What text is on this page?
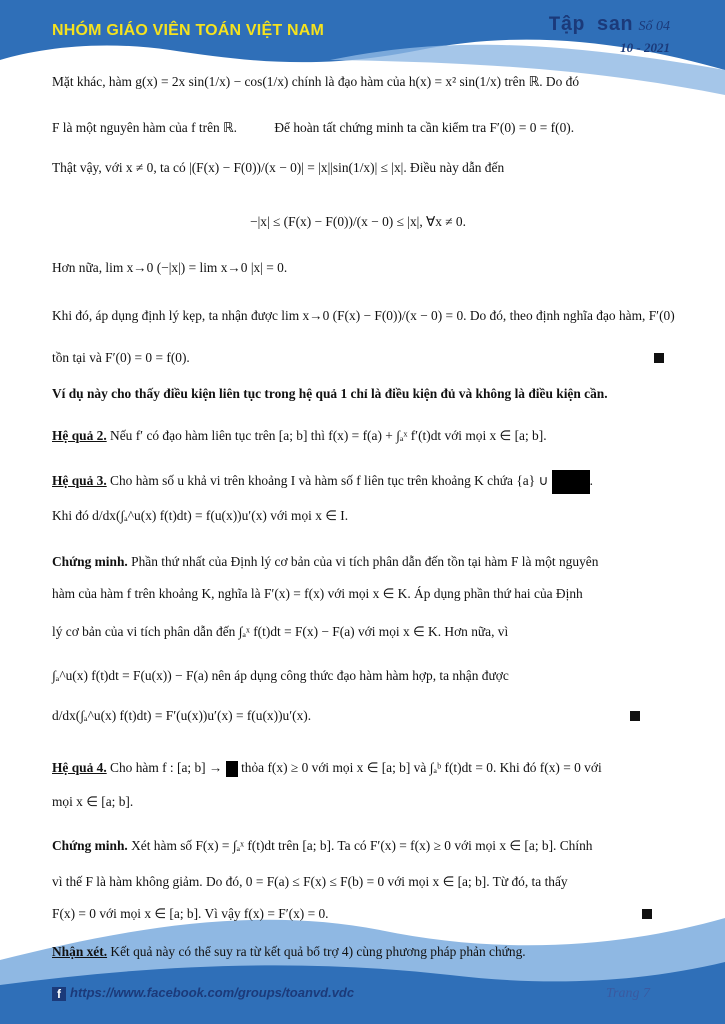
NHÓM GIÁO VIÊN TOÁN VIỆT NAM	Tập san Số 04
10 - 2021
Mặt khác, hàm g(x) = 2x sin(1/x) − cos(1/x) chính là đạo hàm của h(x) = x² sin(1/x) trên ℝ. Do đó
F là một nguyên hàm của f trên ℝ.	Để hoàn tất chứng minh ta cần kiểm tra F′(0) = 0 = f(0).
Thật vậy, với x ≠ 0, ta có |(F(x) − F(0))/(x − 0)| = |x||sin(1/x)| ≤ |x|. Điều này dẫn đến
−|x| ≤ (F(x) − F(0))/(x − 0) ≤ |x|, ∀x ≠ 0.
Hơn nữa, lim x→0 (−|x|) = lim x→0 |x| = 0.
Khi đó, áp dụng định lý kẹp, ta nhận được lim x→0 (F(x) − F(0))/(x − 0) = 0. Do đó, theo định nghĩa đạo hàm, F′(0)
tồn tại và F′(0) = 0 = f(0).
Ví dụ này cho thấy điều kiện liên tục trong hệ quả 1 chỉ là điều kiện đủ và không là điều kiện cần.
Hệ quả 2. Nếu f′ có đạo hàm liên tục trên [a; b] thì f(x) = f(a) + ∫ₐˣ f′(t)dt với mọi x ∈ [a; b].
Hệ quả 3. Cho hàm số u khả vi trên khoảng I và hàm số f liên tục trên khoảng K chứa {a} ∪	.
Khi đó d/dx(∫ₐ^u(x) f(t)dt) = f(u(x))u′(x) với mọi x ∈ I.
Chứng minh. Phần thứ nhất của Định lý cơ bản của vi tích phân dẫn đến tồn tại hàm F là một nguyên
hàm của hàm f trên khoảng K, nghĩa là F′(x) = f(x) với mọi x ∈ K. Áp dụng phần thứ hai của Định
lý cơ bản của vi tích phân dẫn đến ∫ₐˣ f(t)dt = F(x) − F(a) với mọi x ∈ K. Hơn nữa, vì
∫ₐ^u(x) f(t)dt = F(u(x)) − F(a) nên áp dụng công thức đạo hàm hàm hợp, ta nhận được
d/dx(∫ₐ^u(x) f(t)dt) = F′(u(x))u′(x) = f(u(x))u′(x).
Hệ quả 4. Cho hàm f : [a; b] →  thỏa f(x) ≥ 0 với mọi x ∈ [a; b] và ∫ₐᵇ f(t)dt = 0. Khi đó f(x) = 0 với
mọi x ∈ [a; b].
Chứng minh. Xét hàm số F(x) = ∫ₐˣ f(t)dt trên [a; b]. Ta có F′(x) = f(x) ≥ 0 với mọi x ∈ [a; b]. Chính
vì thế F là hàm không giảm. Do đó, 0 = F(a) ≤ F(x) ≤ F(b) = 0 với mọi x ∈ [a; b]. Từ đó, ta thấy
F(x) = 0 với mọi x ∈ [a; b]. Vì vậy f(x) = F′(x) = 0.
Nhận xét. Kết quả này có thể suy ra từ kết quả bổ trợ 4) cùng phương pháp phản chứng.
f https://www.facebook.com/groups/toanvd.vdc	Trang 7
